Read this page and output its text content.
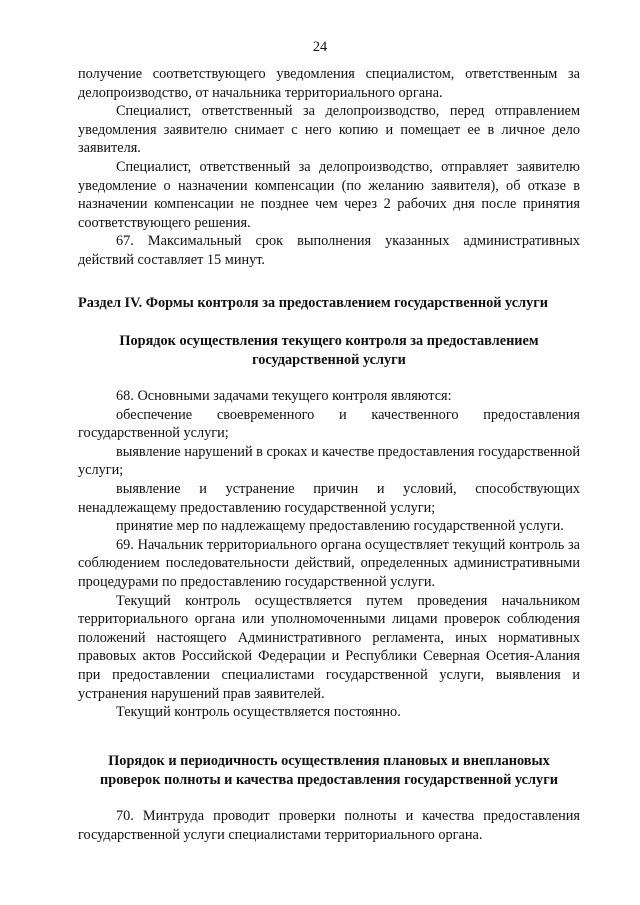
24

получение соответствующего уведомления специалистом, ответственным за делопроизводство, от начальника территориального органа.

Специалист, ответственный за делопроизводство, перед отправлением уведомления заявителю снимает с него копию и помещает ее в личное дело заявителя.

Специалист, ответственный за делопроизводство, отправляет заявителю уведомление о назначении компенсации (по желанию заявителя), об отказе в назначении компенсации не позднее чем через 2 рабочих дня после принятия соответствующего решения.

67. Максимальный срок выполнения указанных административных действий составляет 15 минут.

Раздел IV. Формы контроля за предоставлением государственной услуги
Порядок осуществления текущего контроля за предоставлением государственной услуги

68. Основными задачами текущего контроля являются:

обеспечение своевременного и качественного предоставления государственной услуги;

выявление нарушений в сроках и качестве предоставления государственной услуги;

выявление и устранение причин и условий, способствующих ненадлежащему предоставлению государственной услуги;

принятие мер по надлежащему предоставлению государственной услуги.

69. Начальник территориального органа осуществляет текущий контроль за соблюдением последовательности действий, определенных административными процедурами по предоставлению государственной услуги.

Текущий контроль осуществляется путем проведения начальником территориального органа или уполномоченными лицами проверок соблюдения положений настоящего Административного регламента, иных нормативных правовых актов Российской Федерации и Республики Северная Осетия-Алания при предоставлении специалистами государственной услуги, выявления и устранения нарушений прав заявителей.

Текущий контроль осуществляется постоянно.

Порядок и периодичность осуществления плановых и внеплановых проверок полноты и качества предоставления государственной услуги

70. Минтруда проводит проверки полноты и качества предоставления государственной услуги специалистами территориального органа.
